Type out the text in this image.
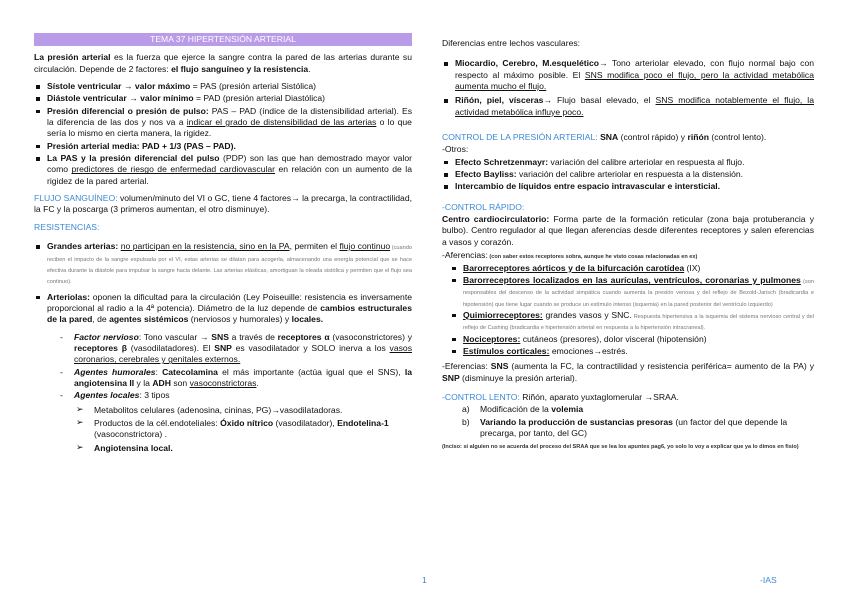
TEMA 37 HIPERTENSIÓN ARTERIAL

La presión arterial es la fuerza que ejerce la sangre contra la pared de las arterias durante su circulación. Depende de 2 factores: el flujo sanguíneo y la resistencia.

Sístole ventricular → valor máximo = PAS (presión arterial Sistólica)
Diástole ventricular → valor mínimo = PAD (presión arterial Diastólica)
Presión diferencial o presión de pulso: PAS – PAD (índice de la distensibilidad arterial). Es la diferencia de las dos y nos va a indicar el grado de distensibilidad de las arterias o lo que sería lo mismo en cierta manera, la rigidez.
Presión arterial media: PAD + 1/3 (PAS – PAD).
La PAS y la presión diferencial del pulso (PDP) son las que han demostrado mayor valor como predictores de riesgo de enfermedad cardiovascular en relación con un aumento de la rigidez de la pared arterial.

FLUJO SANGUÍNEO: volumen/minuto del VI o GC, tiene 4 factores→ la precarga, la contractilidad, la FC y la poscarga (3 primeros aumentan, el otro disminuye).

RESISTENCIAS:

Grandes arterias: no participan en la resistencia, sino en la PA, permiten el flujo continuo (cuando reciben el impacto de la sangre expulsada por el VI, estas arterias se dilatan para acogerla, almacenando una energía potencial que se hace efectiva durante la diástole para impulsar la sangre hacia delante. Las arterias elásticas, amortiguan la oleada sistólica y permiten que el flujo sea continuo).
Arteriolas: oponen la dificultad para la circulación (Ley Poiseuille: resistencia es inversamente proporcional al radio a la 4ª potencia). Diámetro de la luz depende de cambios estructurales de la pared, de agentes sistémicos (nerviosos y humorales) y locales.
- Factor nervioso: Tono vascular → SNS a través de receptores α (vasoconstrictores) y receptores β (vasodilatadores). El SNP es vasodilatador y SOLO inerva a los vasos coronarios, cerebrales y genitales externos.
- Agentes humorales: Catecolamina el más importante (actúa igual que el SNS), la angiotensina II y la ADH son vasoconstrictoras.
- Agentes locales: 3 tipos
➢ Metabolitos celulares (adenosina, cininas, PG)→vasodilatadoras.
➢ Productos de la cél.endoteliales: Óxido nítrico (vasodilatador), Endotelina-1 (vasoconstrictora) .
➢ Angiotensina local.

Diferencias entre lechos vasculares:

Miocardio, Cerebro, M.esquelético→ Tono arteriolar elevado, con flujo normal bajo con respecto al máximo posible. El SNS modifica poco el flujo, pero la actividad metabólica aumenta mucho el flujo.
Riñón, piel, vísceras→ Flujo basal elevado, el SNS modifica notablemente el flujo, la actividad metabólica influye poco.
CONTROL DE LA PRESIÓN ARTERIAL: SNA (control rápido) y riñón (control lento).
-Otros:
Efecto Schretzenmayr: variación del calibre arteriolar en respuesta al flujo.
Efecto Bayliss: variación del calibre arteriolar en respuesta a la distensión.
Intercambio de líquidos entre espacio intravascular e intersticial.
-CONTROL RÁPIDO:

Centro cardiocirculatorio: Forma parte de la formación reticular (zona baja protuberancia y bulbo). Centro regulador al que llegan aferencias desde diferentes receptores y salen eferencias a vasos y corazón.

-Aferencias: (con saber estos receptores sobra, aunque he visto cosas relacionadas en ex)
Barorreceptores aórticos y de la bifurcación carotídea (IX)
Barorreceptores localizados en las aurículas, ventrículos, coronarias y pulmones (son responsables del descenso de la actividad simpática cuando aumenta la presión venosa y del reflejo de Bezold-Jarisch (bradicardia e hipotensión) que tiene lugar cuando se produce un estímulo intenso (isquemia) en la pared posterior del ventrículo izquierdo)
Quimiorreceptores: grandes vasos y SNC. Respuesta hipertensiva a la isquemia del sistema nervioso central y del reflejo de Cushing (bradicardia e hipertensión arterial en respuesta a la hipertensión intracraneal).
Nociceptores: cutáneos (presores), dolor visceral (hipotensión)
Estímulos corticales: emociones→estrés.

-Eferencias: SNS (aumenta la FC, la contractilidad y resistencia periférica= aumento de la PA) y SNP (disminuye la presión arterial).

-CONTROL LENTO: Riñón, aparato yuxtaglomerular →SRAA.
a) Modificación de la volemia
b) Variando la producción de sustancias presoras (un factor del que depende la precarga, por tanto, del GC)
(Inciso: si alguien no se acuerda del proceso del SRAA que se lea los apuntes pag6, yo solo lo voy a explicar que ya lo dimos en fisio)
1	-IAS
